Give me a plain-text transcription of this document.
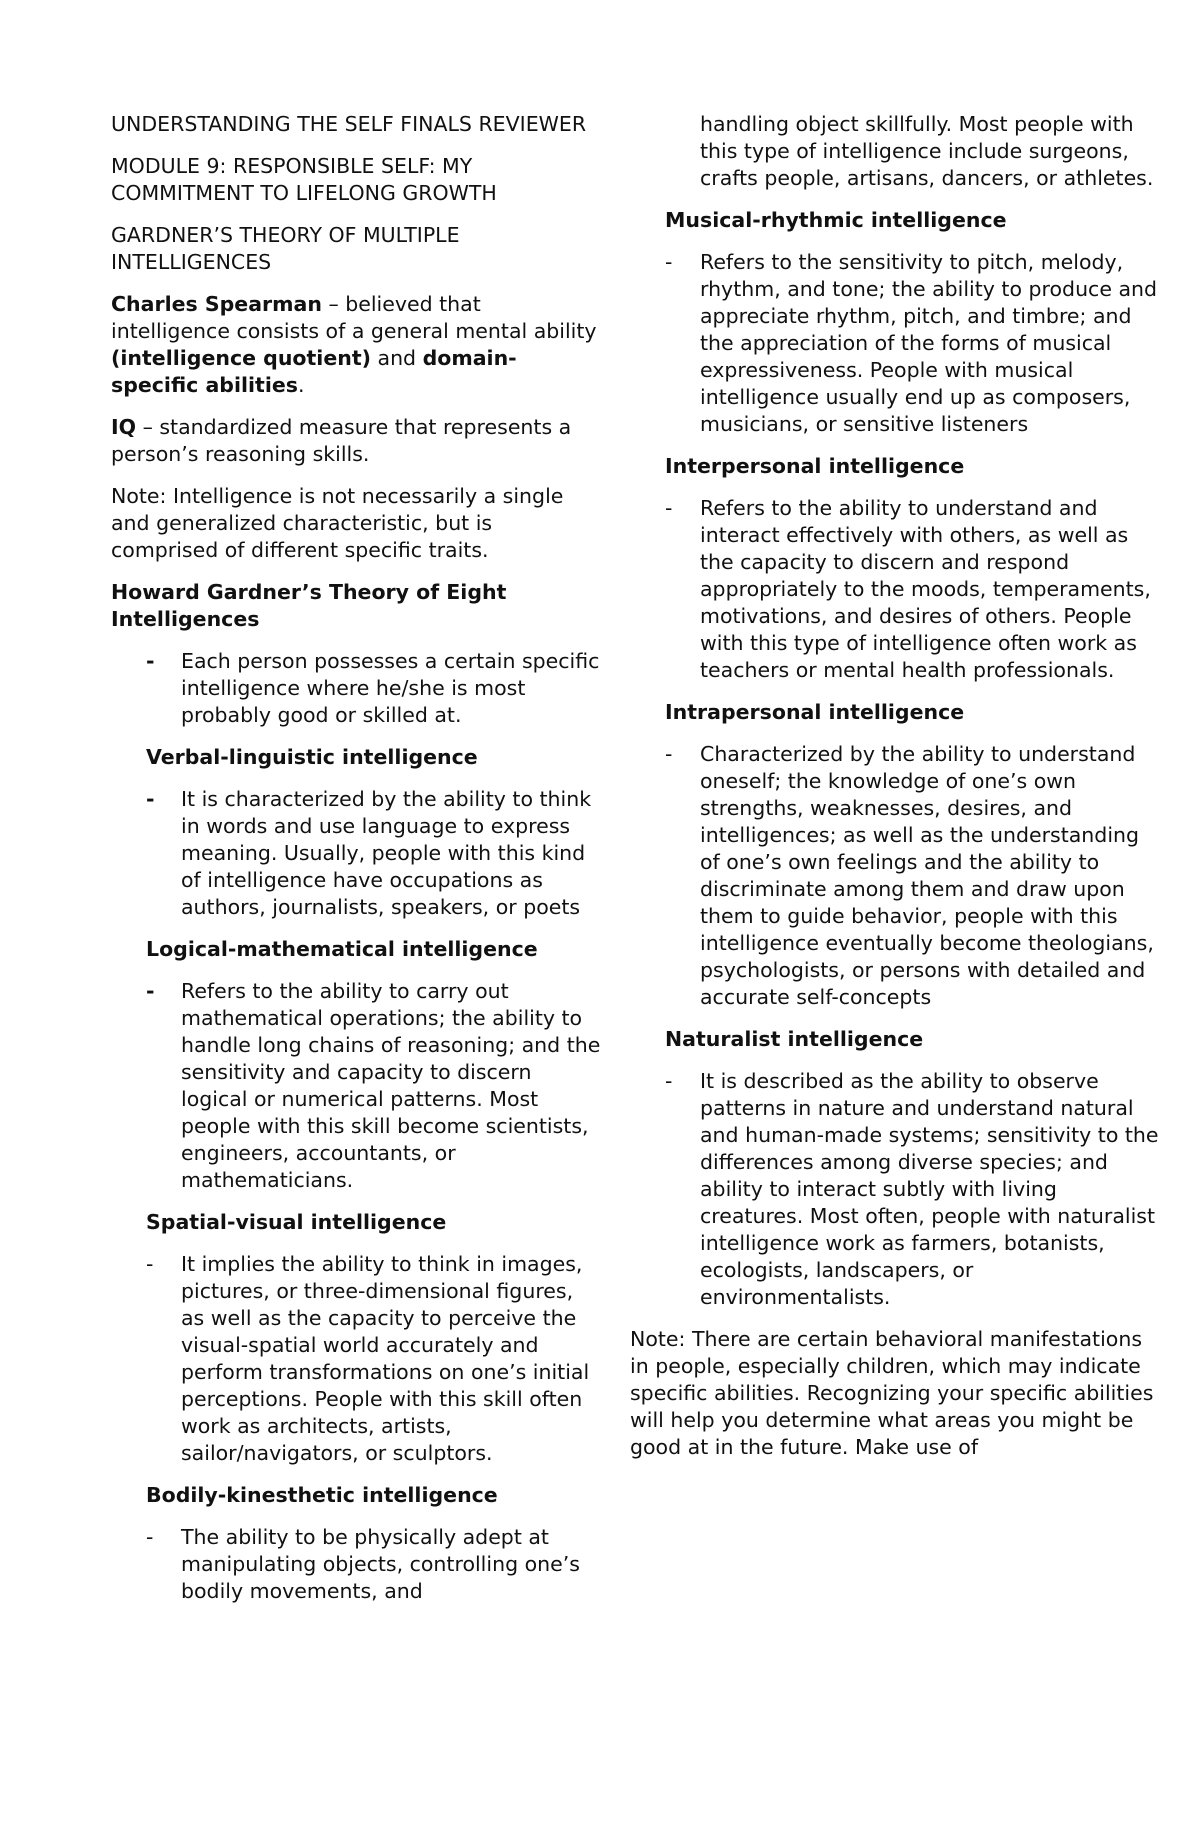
UNDERSTANDING THE SELF FINALS REVIEWER

MODULE 9: RESPONSIBLE SELF: MY COMMITMENT TO LIFELONG GROWTH

GARDNER’S THEORY OF MULTIPLE INTELLIGENCES

Charles Spearman – believed that intelligence consists of a general mental ability (intelligence quotient) and domain-specific abilities.

IQ – standardized measure that represents a person’s reasoning skills.

Note: Intelligence is not necessarily a single and generalized characteristic, but is comprised of different specific traits.

Howard Gardner’s Theory of Eight Intelligences

- Each person possesses a certain specific intelligence where he/she is most probably good or skilled at.

Verbal-linguistic intelligence

- It is characterized by the ability to think in words and use language to express meaning. Usually, people with this kind of intelligence have occupations as authors, journalists, speakers, or poets

Logical-mathematical intelligence

- Refers to the ability to carry out mathematical operations; the ability to handle long chains of reasoning; and the sensitivity and capacity to discern logical or numerical patterns. Most people with this skill become scientists, engineers, accountants, or mathematicians.

Spatial-visual intelligence

- It implies the ability to think in images, pictures, or three-dimensional figures, as well as the capacity to perceive the visual-spatial world accurately and perform transformations on one’s initial perceptions. People with this skill often work as architects, artists, sailor/navigators, or sculptors.

Bodily-kinesthetic intelligence

- The ability to be physically adept at manipulating objects, controlling one’s bodily movements, and
handling object skillfully. Most people with this type of intelligence include surgeons, crafts people, artisans, dancers, or athletes.

Musical-rhythmic intelligence

- Refers to the sensitivity to pitch, melody, rhythm, and tone; the ability to produce and appreciate rhythm, pitch, and timbre; and the appreciation of the forms of musical expressiveness. People with musical intelligence usually end up as composers, musicians, or sensitive listeners

Interpersonal intelligence

- Refers to the ability to understand and interact effectively with others, as well as the capacity to discern and respond appropriately to the moods, temperaments, motivations, and desires of others. People with this type of intelligence often work as teachers or mental health professionals.

Intrapersonal intelligence

- Characterized by the ability to understand oneself; the knowledge of one’s own strengths, weaknesses, desires, and intelligences; as well as the understanding of one’s own feelings and the ability to discriminate among them and draw upon them to guide behavior, people with this intelligence eventually become theologians, psychologists, or persons with detailed and accurate self-concepts

Naturalist intelligence

- It is described as the ability to observe patterns in nature and understand natural and human-made systems; sensitivity to the differences among diverse species; and ability to interact subtly with living creatures. Most often, people with naturalist intelligence work as farmers, botanists, ecologists, landscapers, or environmentalists.

Note: There are certain behavioral manifestations in people, especially children, which may indicate specific abilities. Recognizing your specific abilities will help you determine what areas you might be good at in the future. Make use of
